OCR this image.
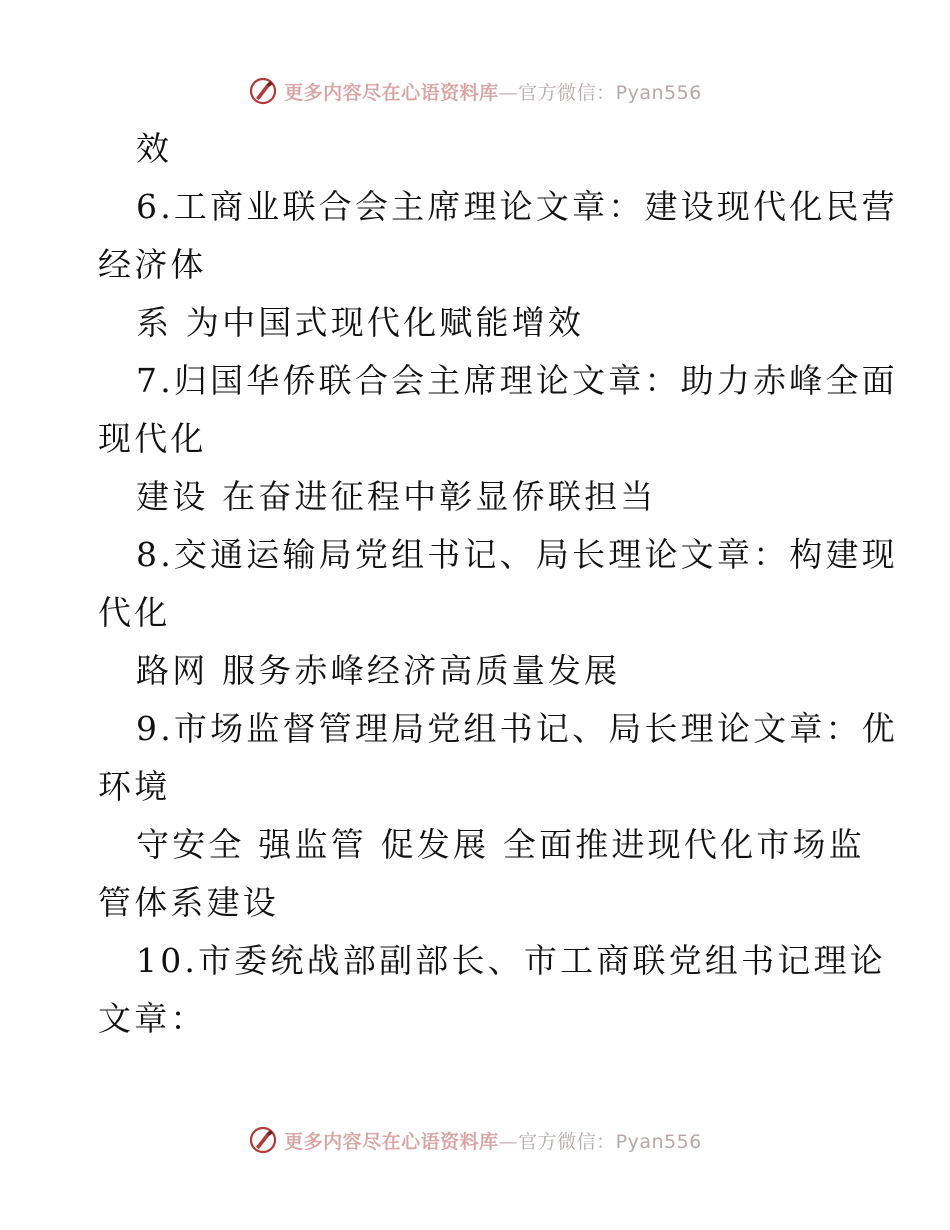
更多内容尽在心语资料库—官方微信：Pyan556
效
6.工商业联合会主席理论文章：建设现代化民营
经济体
系 为中国式现代化赋能增效
7.归国华侨联合会主席理论文章：助力赤峰全面
现代化
建设 在奋进征程中彰显侨联担当
8.交通运输局党组书记、局长理论文章：构建现
代化
路网 服务赤峰经济高质量发展
9.市场监督管理局党组书记、局长理论文章：优
环境
守安全 强监管 促发展 全面推进现代化市场监
管体系建设
10.市委统战部副部长、市工商联党组书记理论
文章：
更多内容尽在心语资料库—官方微信：Pyan556
